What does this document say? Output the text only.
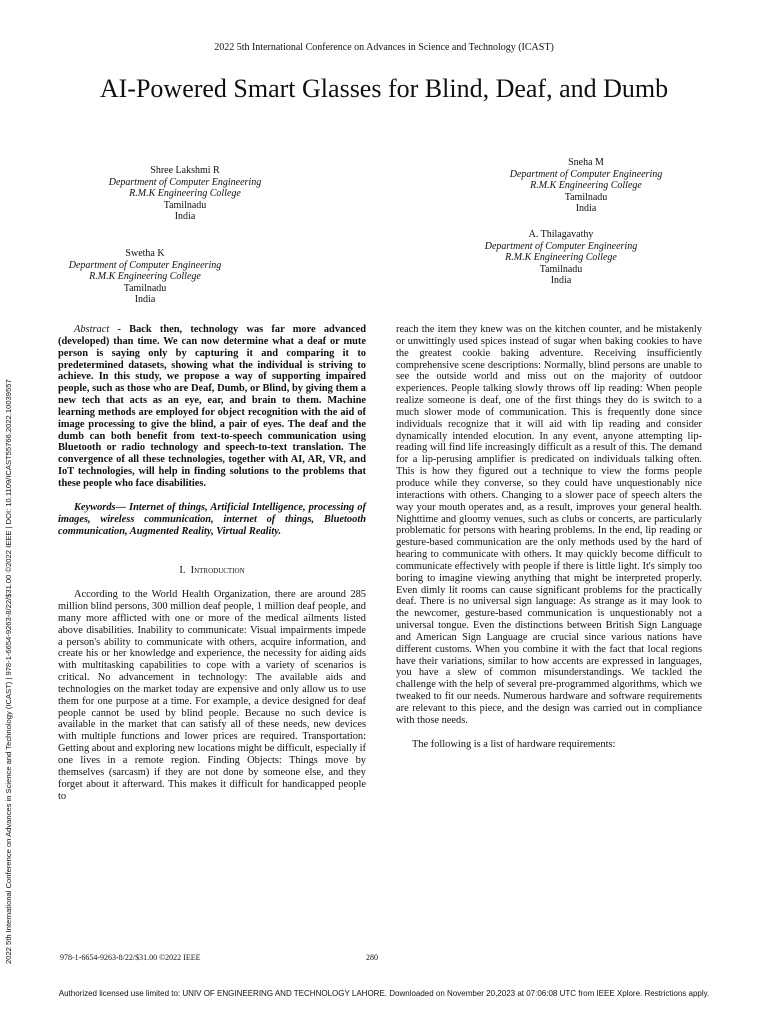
2022 5th International Conference on Advances in Science and Technology (ICAST)
AI-Powered Smart Glasses for Blind, Deaf, and Dumb
Shree Lakshmi R
Department of Computer Engineering
R.M.K Engineering College
Tamilnadu
India
Sneha M
Department of Computer Engineering
R.M.K Engineering College
Tamilnadu
India
Swetha K
Department of Computer Engineering
R.M.K Engineering College
Tamilnadu
India
A. Thilagavathy
Department of Computer Engineering
R.M.K Engineering College
Tamilnadu
India
2022 5th International Conference on Advances in Science and Technology (ICAST) | 978-1-6654-9263-8/22/$31.00 ©2022 IEEE | DOI: 10.1109/ICAST55766.2022.10039557

Abstract - Back then, technology was far more advanced (developed) than time. We can now determine what a deaf or mute person is saying only by capturing it and comparing it to predetermined datasets, showing what the individual is striving to achieve. In this study, we propose a way of supporting impaired people, such as those who are Deaf, Dumb, or Blind, by giving them a new tech that acts as an eye, ear, and brain to them. Machine learning methods are employed for object recognition with the aid of image processing to give the blind, a pair of eyes. The deaf and the dumb can both benefit from text-to-speech communication using Bluetooth or radio technology and speech-to-text translation. The convergence of all these technologies, together with AI, AR, VR, and IoT technologies, will help in finding solutions to the problems that these people who face disabilities.

Keywords— Internet of things, Artificial Intelligence, processing of images, wireless communication, internet of things, Bluetooth communication, Augmented Reality, Virtual Reality.

I. Introduction

According to the World Health Organization, there are around 285 million blind persons, 300 million deaf people, 1 million deaf people, and many more afflicted with one or more of the medical ailments listed above disabilities. Inability to communicate: Visual impairments impede a person's ability to communicate with others, acquire information, and create his or her knowledge and experience, the necessity for aiding aids with multitasking capabilities to cope with a variety of scenarios is critical. No advancement in technology: The available aids and technologies on the market today are expensive and only allow us to use them for one purpose at a time. For example, a device designed for deaf people cannot be used by blind people. Because no such device is available in the market that can satisfy all of these needs, new devices with multiple functions and lower prices are required. Transportation: Getting about and exploring new locations might be difficult, especially if one lives in a remote region. Finding Objects: Things move by themselves (sarcasm) if they are not done by someone else, and they forget about it afterward. This makes it difficult for handicapped people to

reach the item they knew was on the kitchen counter, and he mistakenly or unwittingly used spices instead of sugar when baking cookies to have the greatest cookie baking adventure. Receiving insufficiently comprehensive scene descriptions: Normally, blind persons are unable to see the outside world and miss out on the majority of outdoor experiences. People talking slowly throws off lip reading: When people realize someone is deaf, one of the first things they do is switch to a much slower mode of communication. This is frequently done since individuals recognize that it will aid with lip reading and consider dynamically intended elocution. In any event, anyone attempting lip-reading will find life increasingly difficult as a result of this. The demand for a lip-perusing amplifier is predicated on individuals talking often. This is how they figured out a technique to view the forms people produce while they converse, so they could have unquestionably nice interactions with others. Changing to a slower pace of speech alters the way your mouth operates and, as a result, improves your general health. Nighttime and gloomy venues, such as clubs or concerts, are particularly problematic for persons with hearing problems. In the end, lip reading or gesture-based communication are the only methods used by the hard of hearing to communicate with others. It may quickly become difficult to communicate effectively with people if there is little light. It's simply too boring to imagine viewing anything that might be interpreted properly. Even dimly lit rooms can cause significant problems for the practically deaf. There is no universal sign language: As strange as it may look to the newcomer, gesture-based communication is unquestionably not a universal tongue. Even the distinctions between British Sign Language and American Sign Language are crucial since various nations have different customs. When you combine it with the fact that local regions have their variations, similar to how accents are expressed in languages, you have a slew of common misunderstandings. We tackled the challenge with the help of several pre-programmed algorithms, which we tweaked to fit our needs. Numerous hardware and software requirements are relevant to this piece, and the design was carried out in compliance with those needs.

The following is a list of hardware requirements:

978-1-6654-9263-8/22/$31.00 ©2022 IEEE	280
Authorized licensed use limited to: UNIV OF ENGINEERING AND TECHNOLOGY LAHORE. Downloaded on November 20,2023 at 07:06:08 UTC from IEEE Xplore. Restrictions apply.
